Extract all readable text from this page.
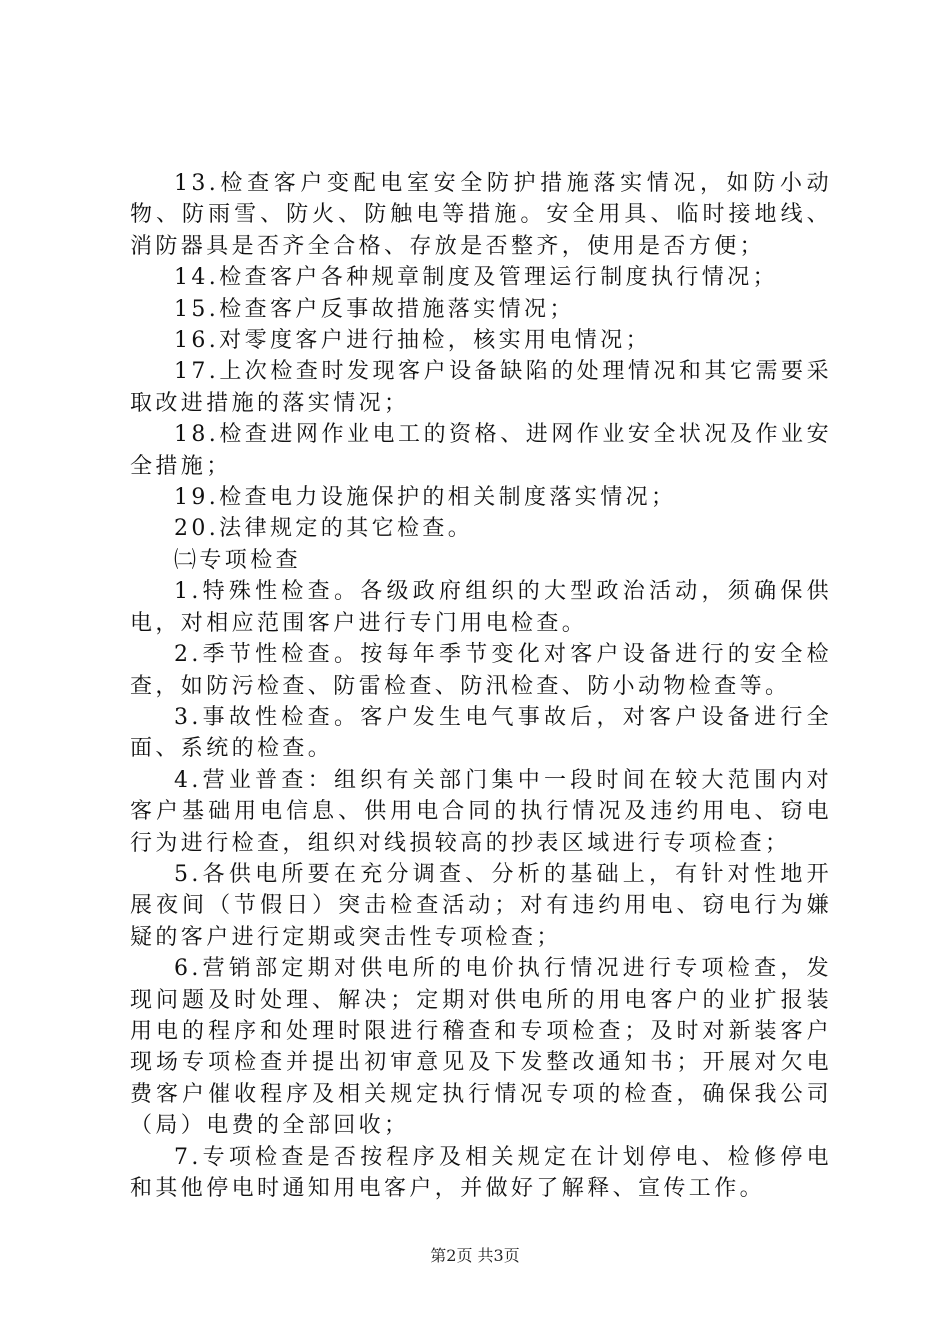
13.检查客户变配电室安全防护措施落实情况，如防小动物、防雨雪、防火、防触电等措施。安全用具、临时接地线、消防器具是否齐全合格、存放是否整齐，使用是否方便；

14.检查客户各种规章制度及管理运行制度执行情况；

15.检查客户反事故措施落实情况；

16.对零度客户进行抽检，核实用电情况；

17.上次检查时发现客户设备缺陷的处理情况和其它需要采取改进措施的落实情况；

18.检查进网作业电工的资格、进网作业安全状况及作业安全措施；

19.检查电力设施保护的相关制度落实情况；

20.法律规定的其它检查。

㈡专项检查

1.特殊性检查。各级政府组织的大型政治活动，须确保供电，对相应范围客户进行专门用电检查。

2.季节性检查。按每年季节变化对客户设备进行的安全检查，如防污检查、防雷检查、防汛检查、防小动物检查等。

3.事故性检查。客户发生电气事故后，对客户设备进行全面、系统的检查。

4.营业普查：组织有关部门集中一段时间在较大范围内对客户基础用电信息、供用电合同的执行情况及违约用电、窃电行为进行检查，组织对线损较高的抄表区域进行专项检查；

5.各供电所要在充分调查、分析的基础上，有针对性地开展夜间（节假日）突击检查活动；对有违约用电、窃电行为嫌疑的客户进行定期或突击性专项检查；

6.营销部定期对供电所的电价执行情况进行专项检查，发现问题及时处理、解决；定期对供电所的用电客户的业扩报装用电的程序和处理时限进行稽查和专项检查；及时对新装客户现场专项检查并提出初审意见及下发整改通知书；开展对欠电费客户催收程序及相关规定执行情况专项的检查，确保我公司（局）电费的全部回收；

7.专项检查是否按程序及相关规定在计划停电、检修停电和其他停电时通知用电客户，并做好了解释、宣传工作。

第2页 共3页
